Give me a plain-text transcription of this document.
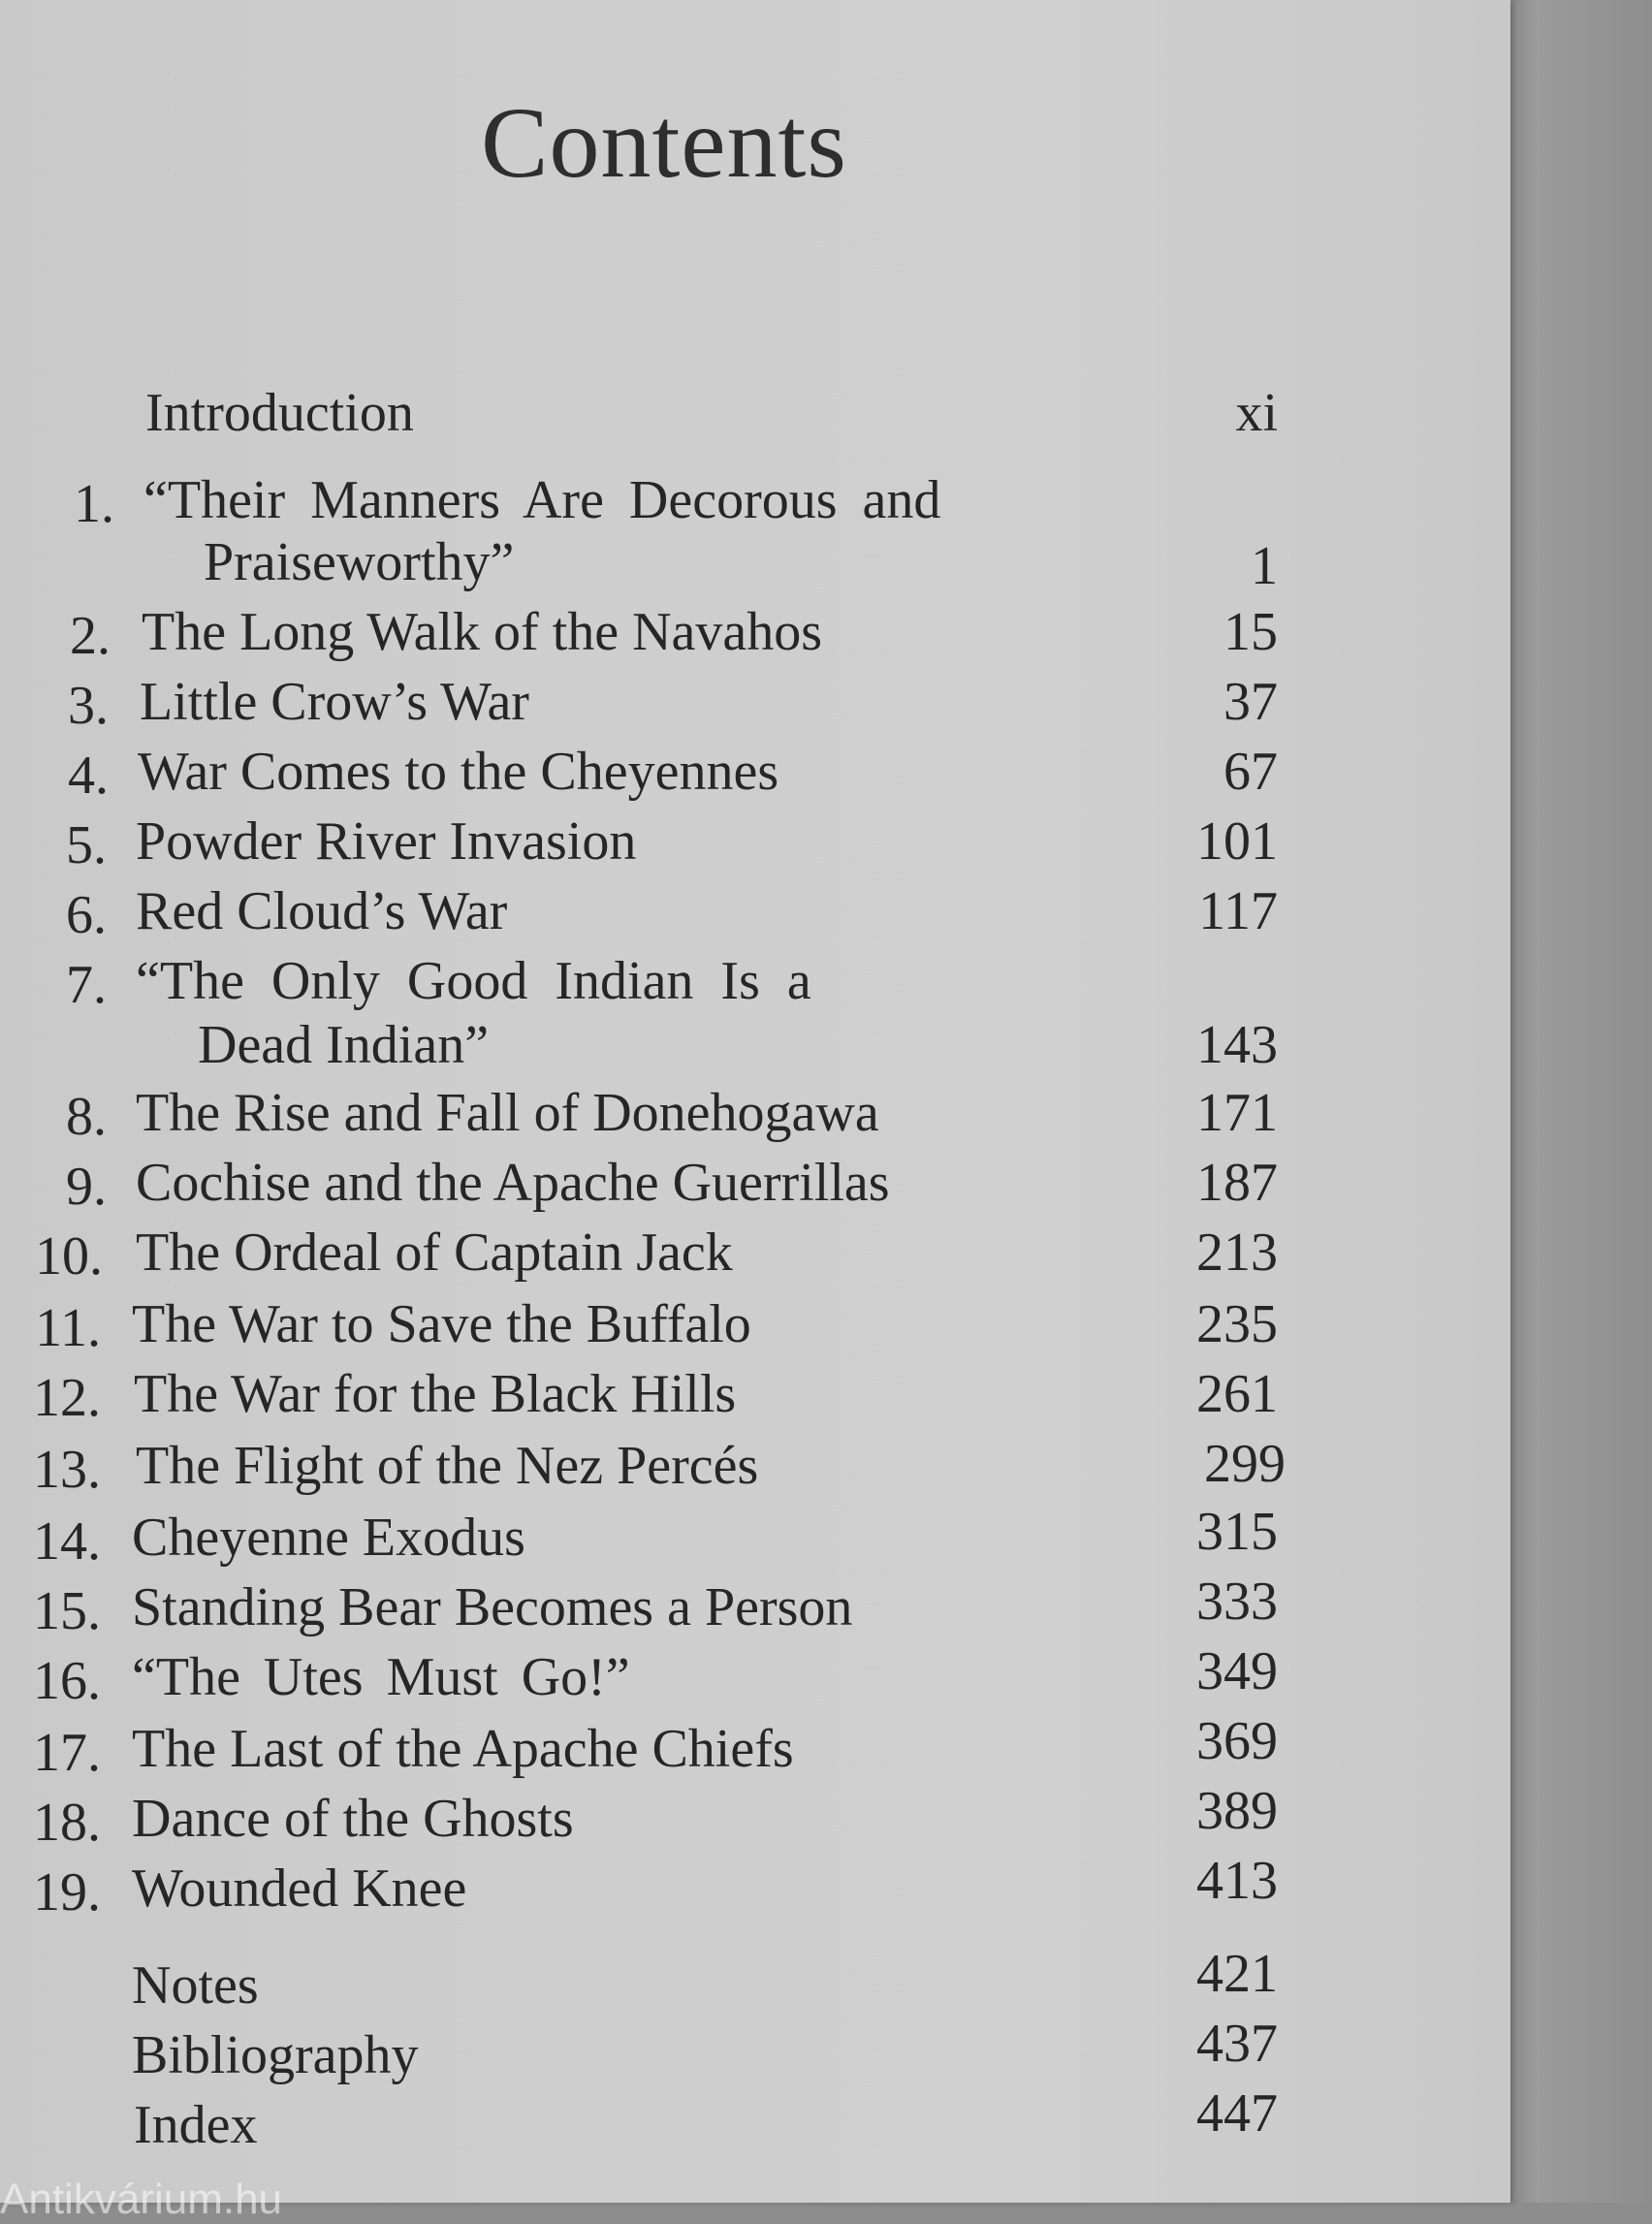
Contents
Introduction	xi
1. “Their Manners Are Decorous and
Praiseworthy”	1
2. The Long Walk of the Navahos	15
3. Little Crow’s War	37
4. War Comes to the Cheyennes	67
5. Powder River Invasion	101
6. Red Cloud’s War	117
7. “The Only Good Indian Is a
Dead Indian”	143
8. The Rise and Fall of Donehogawa	171
9. Cochise and the Apache Guerrillas	187
10. The Ordeal of Captain Jack	213
11. The War to Save the Buffalo	235
12. The War for the Black Hills	261
13. The Flight of the Nez Percés	299
14. Cheyenne Exodus	315
15. Standing Bear Becomes a Person	333
16. “The Utes Must Go!”	349
17. The Last of the Apache Chiefs	369
18. Dance of the Ghosts	389
19. Wounded Knee	413
Notes	421
Bibliography	437
Index	447
Antikvárium.hu
